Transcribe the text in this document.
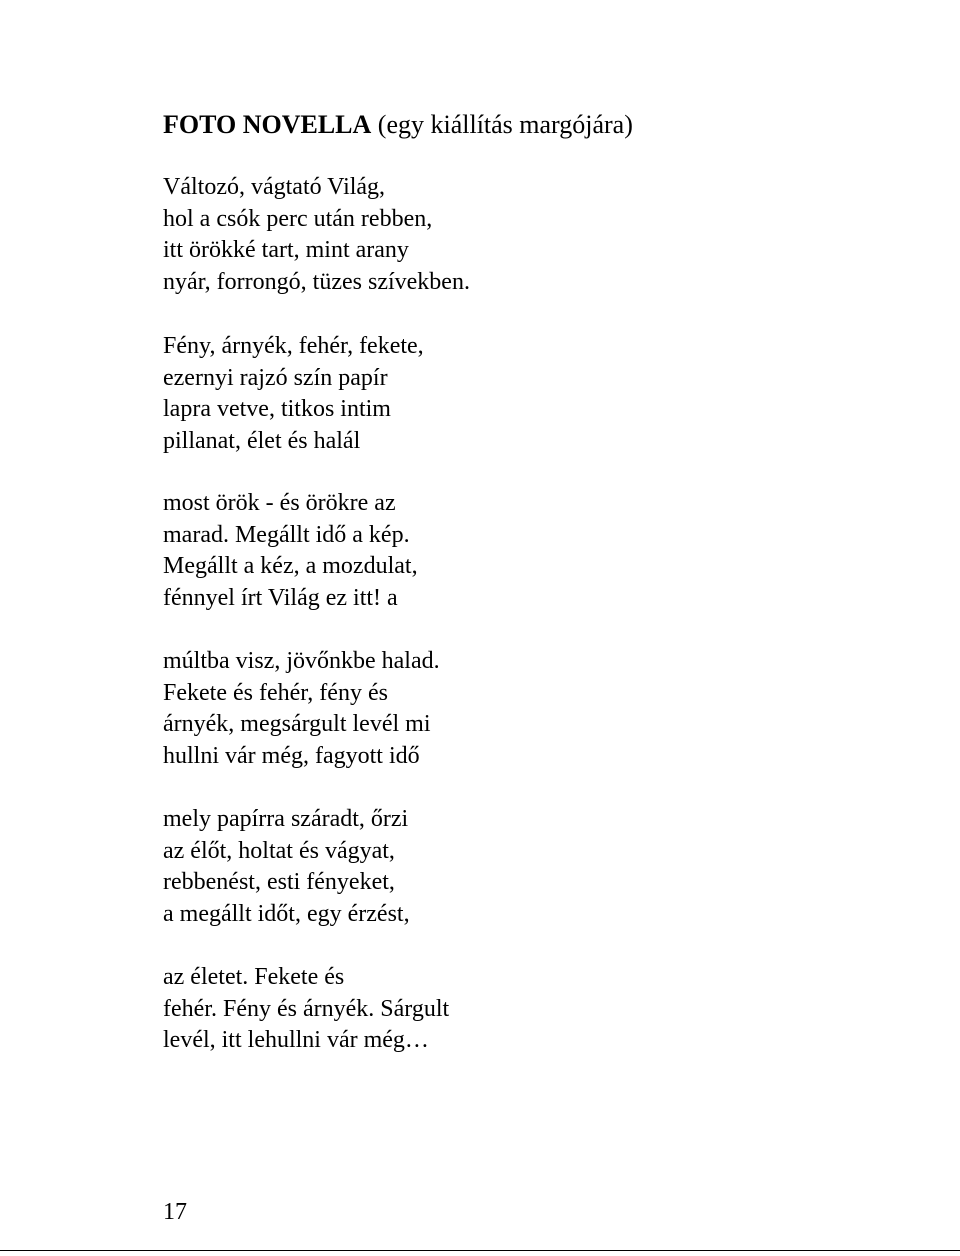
FOTO NOVELLA (egy kiállítás margójára)
Változó, vágtató Világ,
hol a csók perc után rebben,
itt örökké tart, mint arany
nyár, forrongó, tüzes szívekben.
Fény, árnyék, fehér, fekete,
ezernyi rajzó szín papír
lapra vetve, titkos intim
pillanat, élet és halál
most örök - és örökre az
marad. Megállt idő a kép.
Megállt a kéz, a mozdulat,
fénnyel írt Világ ez itt! a
múltba visz, jövőnkbe halad.
Fekete és fehér, fény és
árnyék, megsárgult levél mi
hullni vár még, fagyott idő
mely papírra száradt, őrzi
az élőt, holtat és vágyat,
rebbenést, esti fényeket,
a megállt időt, egy érzést,
az életet. Fekete és
fehér. Fény és árnyék. Sárgult
levél, itt lehullni vár még…
17
